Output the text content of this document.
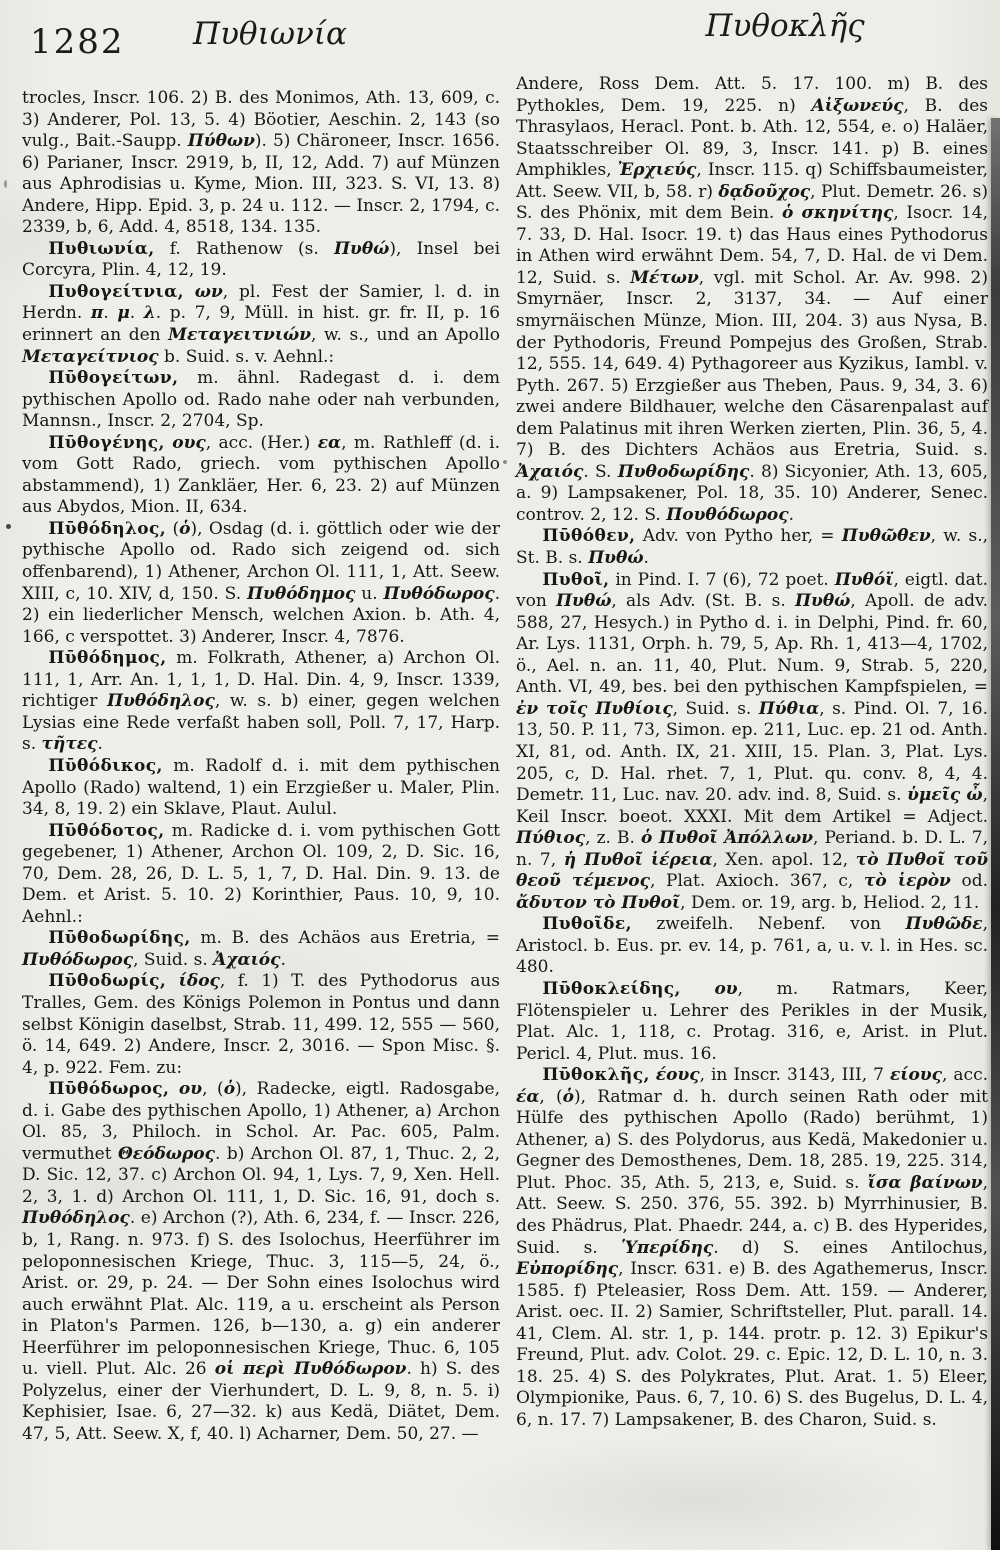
1282 Πυθιωνία	Πυθοκλῆς

trocles, Inscr. 106. 2) B. des Monimos, Ath. 13, 609, c. 3) Anderer, Pol. 13, 5. 4) Böotier, Aeschin. 2, 143 (so vulg., Bait.-Saupp. Πύθων). 5) Chäroneer, Inscr. 1656. 6) Parianer, Inscr. 2919, b, II, 12, Add. 7) auf Münzen aus Aphrodisias u. Kyme, Mion. III, 323. S. VI, 13. 8) Andere, Hipp. Epid. 3, p. 24 u. 112. — Inscr. 2, 1794, c. 2339, b, 6, Add. 4, 8518, 134. 135.

Πυθιωνία, f. Rathenow (s. Πυθώ), Insel bei Corcyra, Plin. 4, 12, 19.

Πυθογείτνια, ων, pl. Fest der Samier, l. d. in Herdn. π. μ. λ. p. 7, 9, Müll. in hist. gr. fr. II, p. 16 erinnert an den Μεταγειτνιών, w. s., und an Apollo Μεταγείτνιος b. Suid. s. v. Aehnl.:

Πῡθογείτων, m. ähnl. Radegast d. i. dem pythischen Apollo od. Rado nahe oder nah verbunden, Mannsn., Inscr. 2, 2704, Sp.

Πῡθογένης, ους, acc. (Her.) εα, m. Rathleff (d. i. vom Gott Rado, griech. vom pythischen Apollo abstammend), 1) Zankläer, Her. 6, 23. 2) auf Münzen aus Abydos, Mion. II, 634.

Πῡθόδηλος, (ὁ), Osdag (d. i. göttlich oder wie der pythische Apollo od. Rado sich zeigend od. sich offenbarend), 1) Athener, Archon Ol. 111, 1, Att. Seew. XIII, c, 10. XIV, d, 150. S. Πυθόδημος u. Πυθόδωρος. 2) ein liederlicher Mensch, welchen Axion. b. Ath. 4, 166, c verspottet. 3) Anderer, Inscr. 4, 7876.

Πῡθόδημος, m. Folkrath, Athener, a) Archon Ol. 111, 1, Arr. An. 1, 1, 1, D. Hal. Din. 4, 9, Inscr. 1339, richtiger Πυθόδηλος, w. s. b) einer, gegen welchen Lysias eine Rede verfaßt haben soll, Poll. 7, 17, Harp. s. τῆτες.

Πῡθόδικος, m. Radolf d. i. mit dem pythischen Apollo (Rado) waltend, 1) ein Erzgießer u. Maler, Plin. 34, 8, 19. 2) ein Sklave, Plaut. Aulul.

Πῡθόδοτος, m. Radicke d. i. vom pythischen Gott gegebener, 1) Athener, Archon Ol. 109, 2, D. Sic. 16, 70, Dem. 28, 26, D. L. 5, 1, 7, D. Hal. Din. 9. 13. de Dem. et Arist. 5. 10. 2) Korinthier, Paus. 10, 9, 10. Aehnl.:

Πῡθοδωρίδης, m. B. des Achäos aus Eretria, = Πυθόδωρος, Suid. s. Ἀχαιός.

Πῡθοδωρίς, ίδος, f. 1) T. des Pythodorus aus Tralles, Gem. des Königs Polemon in Pontus und dann selbst Königin daselbst, Strab. 11, 499. 12, 555 — 560, ö. 14, 649. 2) Andere, Inscr. 2, 3016. — Spon Misc. §. 4, p. 922. Fem. zu:

Πῡθόδωρος, ου, (ὁ), Radecke, eigtl. Radosgabe, d. i. Gabe des pythischen Apollo, 1) Athener, a) Archon Ol. 85, 3, Philoch. in Schol. Ar. Pac. 605, Palm. vermuthet Θεόδωρος. b) Archon Ol. 87, 1, Thuc. 2, 2, D. Sic. 12, 37. c) Archon Ol. 94, 1, Lys. 7, 9, Xen. Hell. 2, 3, 1. d) Archon Ol. 111, 1, D. Sic. 16, 91, doch s. Πυθόδηλος. e) Archon (?), Ath. 6, 234, f. — Inscr. 226, b, 1, Rang. n. 973. f) S. des Isolochus, Heerführer im peloponnesischen Kriege, Thuc. 3, 115—5, 24, ö., Arist. or. 29, p. 24. — Der Sohn eines Isolochus wird auch erwähnt Plat. Alc. 119, a u. erscheint als Person in Platon's Parmen. 126, b—130, a. g) ein anderer Heerführer im peloponnesischen Kriege, Thuc. 6, 105 u. viell. Plut. Alc. 26 οἱ περὶ Πυθόδωρον. h) S. des Polyzelus, einer der Vierhundert, D. L. 9, 8, n. 5. i) Kephisier, Isae. 6, 27—32. k) aus Kedä, Diätet, Dem. 47, 5, Att. Seew. X, f, 40. l) Acharner, Dem. 50, 27. —

Andere, Ross Dem. Att. 5. 17. 100. m) B. des Pythokles, Dem. 19, 225. n) Αἰξωνεύς, B. des Thrasylaos, Heracl. Pont. b. Ath. 12, 554, e. o) Haläer, Staatsschreiber Ol. 89, 3, Inscr. 141. p) B. eines Amphikles, Ἐρχιεύς, Inscr. 115. q) Schiffsbaumeister, Att. Seew. VII, b, 58. r) δᾳδοῦχος, Plut. Demetr. 26. s) S. des Phönix, mit dem Bein. ὁ σκηνίτης, Isocr. 14, 7. 33, D. Hal. Isocr. 19. t) das Haus eines Pythodorus in Athen wird erwähnt Dem. 54, 7, D. Hal. de vi Dem. 12, Suid. s. Μέτων, vgl. mit Schol. Ar. Av. 998. 2) Smyrnäer, Inscr. 2, 3137, 34. — Auf einer smyrnäischen Münze, Mion. III, 204. 3) aus Nysa, B. der Pythodoris, Freund Pompejus des Großen, Strab. 12, 555. 14, 649. 4) Pythagoreer aus Kyzikus, Iambl. v. Pyth. 267. 5) Erzgießer aus Theben, Paus. 9, 34, 3. 6) zwei andere Bildhauer, welche den Cäsarenpalast auf dem Palatinus mit ihren Werken zierten, Plin. 36, 5, 4. 7) B. des Dichters Achäos aus Eretria, Suid. s. Ἀχαιός. S. Πυθοδωρίδης. 8) Sicyonier, Ath. 13, 605, a. 9) Lampsakener, Pol. 18, 35. 10) Anderer, Senec. controv. 2, 12. S. Πουθόδωρος.

Πῡθόθεν, Adv. von Pytho her, = Πυθῶθεν, w. s., St. B. s. Πυθώ.

Πυθοῖ, in Pind. I. 7 (6), 72 poet. Πυθόϊ, eigtl. dat. von Πυθώ, als Adv. (St. B. s. Πυθώ, Apoll. de adv. 588, 27, Hesych.) in Pytho d. i. in Delphi, Pind. fr. 60, Ar. Lys. 1131, Orph. h. 79, 5, Ap. Rh. 1, 413—4, 1702, ö., Ael. n. an. 11, 40, Plut. Num. 9, Strab. 5, 220, Anth. VI, 49, bes. bei den pythischen Kampfspielen, = ἐν τοῖς Πυθίοις, Suid. s. Πύθια, s. Pind. Ol. 7, 16. 13, 50. P. 11, 73, Simon. ep. 211, Luc. ep. 21 od. Anth. XI, 81, od. Anth. IX, 21. XIII, 15. Plan. 3, Plat. Lys. 205, c, D. Hal. rhet. 7, 1, Plut. qu. conv. 8, 4, 4. Demetr. 11, Luc. nav. 20. adv. ind. 8, Suid. s. ὑμεῖς ὦ, Keil Inscr. boeot. XXXI. Mit dem Artikel = Adject. Πύθιος, z. B. ὁ Πυθοῖ Ἀπόλλων, Periand. b. D. L. 7, n. 7, ἡ Πυθοῖ ἱέρεια, Xen. apol. 12, τὸ Πυθοῖ τοῦ θεοῦ τέμενος, Plat. Axioch. 367, c, τὸ ἱερὸν od. ἄδυτον τὸ Πυθοῖ, Dem. or. 19, arg. b, Heliod. 2, 11.

Πυθοῖδε, zweifelh. Nebenf. von Πυθῶδε, Aristocl. b. Eus. pr. ev. 14, p. 761, a, u. v. l. in Hes. sc. 480.

Πῡθοκλείδης, ου, m. Ratmars, Keer, Flötenspieler u. Lehrer des Perikles in der Musik, Plat. Alc. 1, 118, c. Protag. 316, e, Arist. in Plut. Pericl. 4, Plut. mus. 16.

Πῡθοκλῆς, έους, in Inscr. 3143, III, 7 είους, acc. έα, (ὁ), Ratmar d. h. durch seinen Rath oder mit Hülfe des pythischen Apollo (Rado) berühmt, 1) Athener, a) S. des Polydorus, aus Kedä, Makedonier u. Gegner des Demosthenes, Dem. 18, 285. 19, 225. 314, Plut. Phoc. 35, Ath. 5, 213, e, Suid. s. ἴσα βαίνων, Att. Seew. S. 250. 376, 55. 392. b) Myrrhinusier, B. des Phädrus, Plat. Phaedr. 244, a. c) B. des Hyperides, Suid. s. Ὑπερίδης. d) S. eines Antilochus, Εὐπορίδης, Inscr. 631. e) B. des Agathemerus, Inscr. 1585. f) Pteleasier, Ross Dem. Att. 159. — Anderer, Arist. oec. II. 2) Samier, Schriftsteller, Plut. parall. 14. 41, Clem. Al. str. 1, p. 144. protr. p. 12. 3) Epikur's Freund, Plut. adv. Colot. 29. c. Epic. 12, D. L. 10, n. 3. 18. 25. 4) S. des Polykrates, Plut. Arat. 1. 5) Eleer, Olympionike, Paus. 6, 7, 10. 6) S. des Bugelus, D. L. 4, 6, n. 17. 7) Lampsakener, B. des Charon, Suid. s.
